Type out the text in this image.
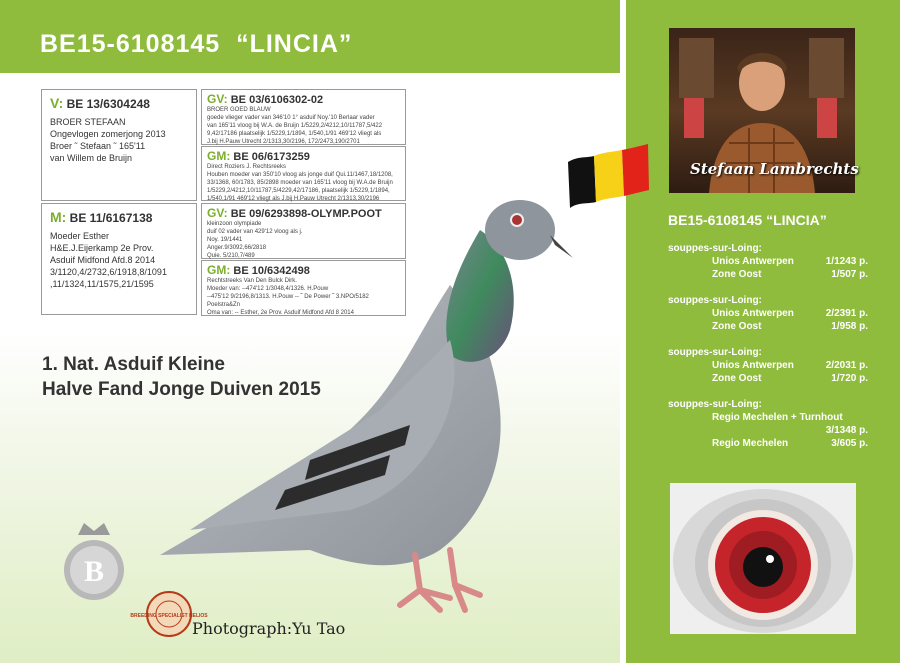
BE15-6108145  “LINCIA”
V: BE 13/6304248
BROER STEFAAN
Ongevlogen zomerjong 2013
Broer ˜ Stefaan ˜ 165'11
van Willem de Bruijn
M: BE 11/6167138
Moeder Esther
H&E.J.Eijerkamp 2e Prov.
Asduif Midfond Afd.8 2014
3/1120,4/2732,6/1918,8/1091
,11/1324,11/1575,21/1595
GV: BE 03/6106302-02
BROER GOED BLAUW
goede vlieger vader van 346'10 1° asduif Noy.'10 Berlaar vader
van 165'11 vloog bij W.A. de Bruijn 1/5229,2/4212,10/11787,5/422
9,42/17186 plaatselijk 1/5229,1/1894, 1/540,1/91 469'12 vliegt als
J.bij H.Pauw Utrecht 2/1313,30/2196, 172/2473,190/2701
GM: BE 06/6173259
Direct Roziers J. Rechtsreeks
Houben moeder van 350'10 vloog als jonge duif Qui.11/1467,18/1208,
33/1368, 60/1783, 85/2898 moeder van 165'11 vloog bij W.A.de Bruijn
1/5229,2/4212,10/11787,5/4229,42/17186, plaatselijk 1/5229,1/1894,
1/540,1/91 469'12 vliegt als J.bij H.Pauw Utrecht 2/1313,30/2196
GV: BE 09/6293898-OLYMP.POOT
kleinzoon olympiade
duif 02 vader van 429'12 vloog als j.
Noy. 19/1441
Anger.9/3092,66/2818
Quie. 5/210,7/489
GM: BE 10/6342498
Rechtstreeks Van Den Bulck Dirk.
Moeder van: --474'12 1/3048,4/1326. H.Pouw
--475'12 9/2196,8/1313. H.Pouw -- ˜ De Power ˜ 3.NPO/5182
Poelstra&Zn
Oma van: -- Esther, 2e Prov. Asduif Midfond Afd 8 2014
1. Nat. Asduif Kleine
Halve Fand Jonge Duiven 2015
B
BREEDING SPECIALIST HELIOS
Photograph:Yu Tao
Stefaan Lambrechts
BE15-6108145 “LINCIA”
souppes-sur-Loing:
Unios Antwerpen	1/1243 p.
Zone Oost	1/507 p.
souppes-sur-Loing:
Unios Antwerpen	2/2391 p.
Zone Oost	1/958 p.
souppes-sur-Loing:
Unios Antwerpen	2/2031 p.
Zone Oost	1/720 p.
souppes-sur-Loing:
Regio Mechelen + Turnhout
3/1348 p.
Regio Mechelen	3/605 p.
